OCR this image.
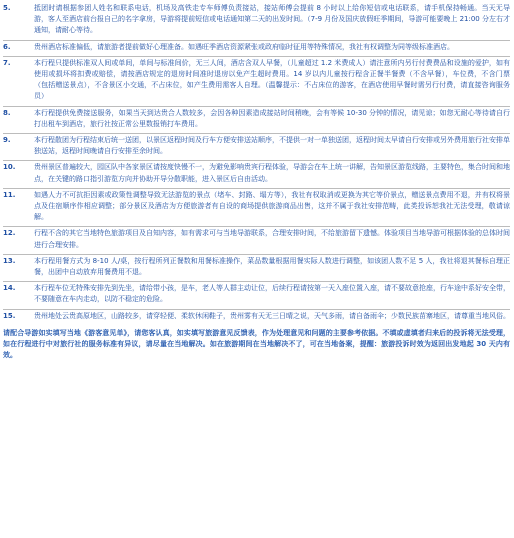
5.	抵团时请根据参团人姓名和联系电话，机场及高铁走专车师傅负责接站，接站师傅会提前 8 小时以上给你短信或电话联系，请手机保持畅通。当天无导游，客人至酒店前台报自己的名字拿房，导游将提前短信或电话通知第二天的出发时间。（7-9 月份及国庆放假旺季期间，导游可能要晚上 21:00 分左右才通知，请耐心等待。
6.	贵州酒店标准偏低，请旅游者提前做好心理准备。如遇旺季酒店资源紧张或政府临时征用等特殊情况，我社有权调整为同等级标准酒店。
7.	本行程只提供标准双人间或单间，单间与标准间价，无三人间，酒店含双人早餐，（儿童超过 1.2 米费成人）请注意所内另行付费费品和设施的爱护，如有使用或损坏将扣费或赔偿，请按酒店规定的退房时间准时退房以免产生超时费用。14 岁以内儿童按行程含正餐半餐费（不含早餐），车位费，不含门票（包括赠送景点），不含景区小交通，不占床位，如产生费用需客人自理。（温馨提示：不占床位的游客，在酒店使用早餐时需另行付费，请直接咨询服务员）
8.	本行程提供免费接送服务，如果当天到达贵合人数较多，会因各种因素造成接站时间稍晚，会有等候 10-30 分钟的情况，请见谅；如您无耐心等待请自行打出租车到酒店，旅行社按正常公里数报销打车费用。
9.	本行程散团为行程结束后统一送团，以景区返程时间及行车方便安排送站顺序，不提供一对一单独送团，返程时间太早请自行安排或另外费用旅行社安排单独送站，返程时间晚请自行安排至余时间。
10.	贵州景区普遍较大，园区队中各家景区请按度快慢不一，为避免影响贵宾行程体验，导游会在车上统一讲解，告知景区游览线路，主要特色，集合时间和地点，在关键的路口指引游览方向并协助开导分散职能，进入景区后自由活动。
11.	如遇人力不可抗拒因素或政策性调整导致无法游览的景点（堵车、封路、塌方等），我社有权取消或更换为其它等价景点，赠送景点费用不退，并有权将景点及住宿顺序作相应调整；部分景区及酒店为方便旅游者有自设的商场提供旅游商品出售，这并不属于我社安排范畴，此类投诉恕我社无法受理，敬请谅解。
12.	行程不含的其它当地特色旅游项目及自知内容，如有需求可与当地导游联系，合理安排时间，不给旅游留下遗憾。体验项目当地导游可根据体验的总体时间进行合理安排。
13.	本行程用餐方式为 8-10 人/桌，按行程所列正餐数和用餐标准操作，菜品数量根据用餐实际人数进行调整，如该团人数不足 5 人，我社将退其餐标自理正餐，出团中自动放弃用餐费用不退。
14.	本行程车位无特殊安排先到先坐，请给带小孩，是车，老人等人群主动让位，后续行程请按第一天入座位置入座，请不要故意抢座，行车途中系好安全带，不要随意在车内走动，以防不稳定的危险。
15.	贵州地处云贵高原地区，山路较多，请穿轻便、柔软休闲鞋子，贵州雾有天无三日晴之说，天气多雨，请自备雨伞；少数民族苗寨地区，请尊重当地风俗。
请配合导游如实填写当地《游客意见单》，请您客认真，如实填写旅游意见反馈表，作为处理意见和问题的主要参考依据。不填或虚填者归来后的投诉将无法受理，如在行程进行中对旅行社的服务标准有异议，请尽量在当地解决。如在旅游期间在当地解决不了，可在当地备案，提醒：旅游投诉时效为返回出发地起 30 天内有效。
